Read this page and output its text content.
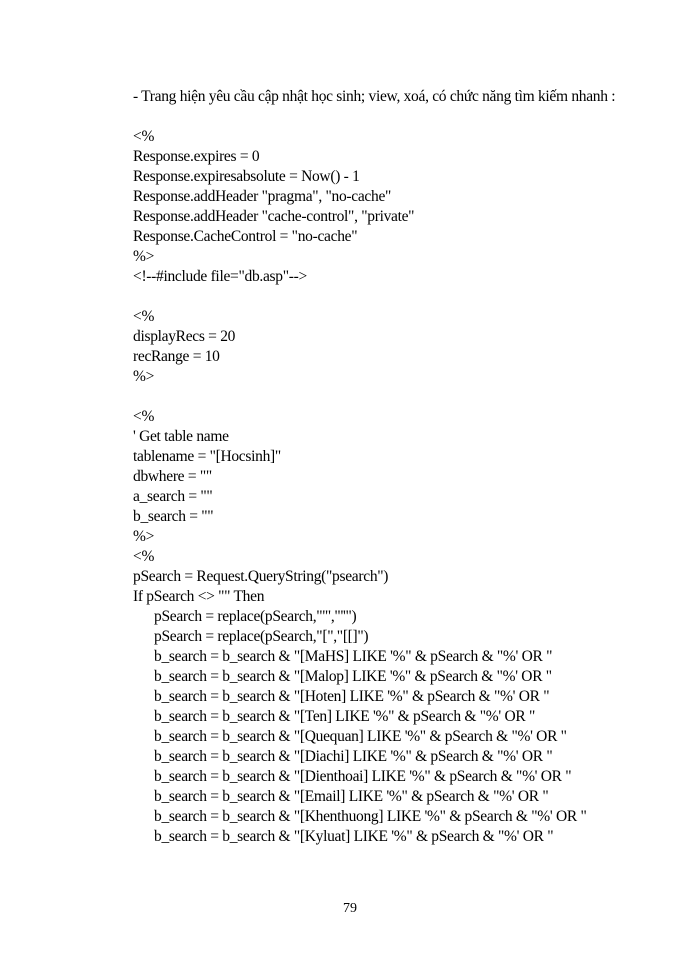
- Trang hiện yêu cầu cập nhật học sinh; view, xoá, có chức năng tìm kiếm nhanh :

<%
Response.expires = 0
Response.expiresabsolute = Now() - 1
Response.addHeader "pragma", "no-cache"
Response.addHeader "cache-control", "private"
Response.CacheControl = "no-cache"
%>
<!--#include file="db.asp"-->
<%
displayRecs = 20
recRange = 10
%>
<%
' Get table name
tablename = "[Hocsinh]"
dbwhere = ""
a_search = ""
b_search = ""
%>
<%
pSearch = Request.QueryString("psearch")
If pSearch <> "" Then
pSearch = replace(pSearch,"'","''")
pSearch = replace(pSearch,"[","[[]")
b_search = b_search & "[MaHS] LIKE '%" & pSearch & "%' OR "
b_search = b_search & "[Malop] LIKE '%" & pSearch & "%' OR "
b_search = b_search & "[Hoten] LIKE '%" & pSearch & "%' OR "
b_search = b_search & "[Ten] LIKE '%" & pSearch & "%' OR "
b_search = b_search & "[Quequan] LIKE '%" & pSearch & "%' OR "
b_search = b_search & "[Diachi] LIKE '%" & pSearch & "%' OR "
b_search = b_search & "[Dienthoai] LIKE '%" & pSearch & "%' OR "
b_search = b_search & "[Email] LIKE '%" & pSearch & "%' OR "
b_search = b_search & "[Khenthuong] LIKE '%" & pSearch & "%' OR "
b_search = b_search & "[Kyluat] LIKE '%" & pSearch & "%' OR "
79
